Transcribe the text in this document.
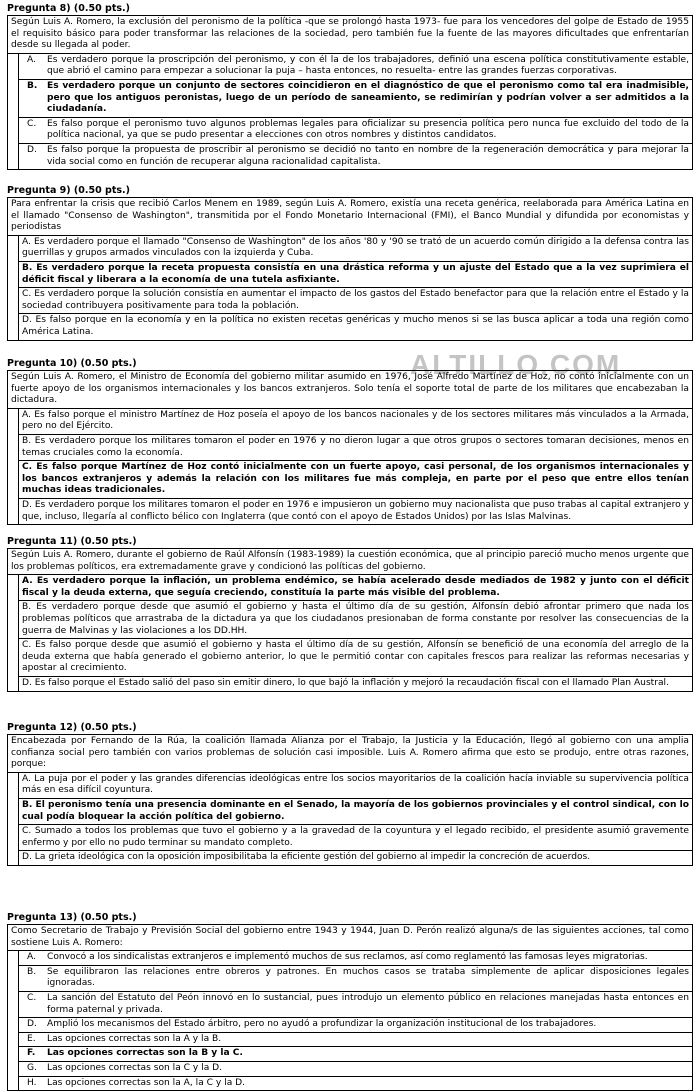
ALTILLO.COM
Pregunta 8) (0.50 pts.)
Según Luis A. Romero, la exclusión del peronismo de la política -que se prolongó hasta 1973- fue para los vencedores del golpe de Estado de 1955 el requisito básico para poder transformar las relaciones de la sociedad, pero también fue la fuente de las mayores dificultades que enfrentarían desde su llegada al poder.
A.	Es verdadero porque la proscripción del peronismo, y con él la de los trabajadores, definió una escena política constitutivamente estable, que abrió el camino para empezar a solucionar la puja – hasta entonces, no resuelta- entre las grandes fuerzas corporativas.
B.	Es verdadero porque un conjunto de sectores coincidieron en el diagnóstico de que el peronismo como tal era inadmisible, pero que los antiguos peronistas, luego de un período de saneamiento, se redimirían y podrían volver a ser admitidos a la ciudadanía.
C.	Es falso porque el peronismo tuvo algunos problemas legales para oficializar su presencia política pero nunca fue excluido del todo de la política nacional, ya que se pudo presentar a elecciones con otros nombres y distintos candidatos.
D.	Es falso porque la propuesta de proscribir al peronismo se decidió no tanto en nombre de la regeneración democrática y para mejorar la vida social como en función de recuperar alguna racionalidad capitalista.
Pregunta 9) (0.50 pts.)
Para enfrentar la crisis que recibió Carlos Menem en 1989, según Luis A. Romero, existía una receta genérica, reelaborada para América Latina en el llamado "Consenso de Washington", transmitida por el Fondo Monetario Internacional (FMI), el Banco Mundial y difundida por economistas y periodistas
A. Es verdadero porque el llamado "Consenso de Washington" de los años '80 y '90 se trató de un acuerdo común dirigido a la defensa contra las guerrillas y grupos armados vinculados con la izquierda y Cuba.
B. Es verdadero porque la receta propuesta consistía en una drástica reforma y un ajuste del Estado que a la vez suprimiera el déficit fiscal y liberara a la economía de una tutela asfixiante.
C. Es verdadero porque la solución consistía en aumentar el impacto de los gastos del Estado benefactor para que la relación entre el Estado y la sociedad contribuyera positivamente para toda la población.
D. Es falso porque en la economía y en la política no existen recetas genéricas y mucho menos si se las busca aplicar a toda una región como América Latina.
Pregunta 10) (0.50 pts.)
Según Luis A. Romero, el Ministro de Economía del gobierno militar asumido en 1976, José Alfredo Martínez de Hoz, no contó inicialmente con un fuerte apoyo de los organismos internacionales y los bancos extranjeros. Solo tenía el soporte total de parte de los militares que encabezaban la dictadura.
A. Es falso porque el ministro Martínez de Hoz poseía el apoyo de los bancos nacionales y de los sectores militares más vinculados a la Armada, pero no del Ejército.
B. Es verdadero porque los militares tomaron el poder en 1976 y no dieron lugar a que otros grupos o sectores tomaran decisiones, menos en temas cruciales como la economía.
C. Es falso porque Martínez de Hoz contó inicialmente con un fuerte apoyo, casi personal, de los organismos internacionales y los bancos extranjeros y además la relación con los militares fue más compleja, en parte por el peso que entre ellos tenían muchas ideas tradicionales.
D. Es verdadero porque los militares tomaron el poder en 1976 e impusieron un gobierno muy nacionalista que puso trabas al capital extranjero y que, incluso, llegaría al conflicto bélico con Inglaterra (que contó con el apoyo de Estados Unidos) por las Islas Malvinas.
Pregunta 11) (0.50 pts.)
Según Luis A. Romero, durante el gobierno de Raúl Alfonsín (1983-1989) la cuestión económica, que al principio pareció mucho menos urgente que los problemas políticos, era extremadamente grave y condicionó las políticas del gobierno.
A. Es verdadero porque la inflación, un problema endémico, se había acelerado desde mediados de 1982 y junto con el déficit fiscal y la deuda externa, que seguía creciendo, constituía la parte más visible del problema.
B. Es verdadero porque desde que asumió el gobierno y hasta el último día de su gestión, Alfonsín debió afrontar primero que nada los problemas políticos que arrastraba de la dictadura ya que los ciudadanos presionaban de forma constante por resolver las consecuencias de la guerra de Malvinas y las violaciones a los DD.HH.
C. Es falso porque desde que asumió el gobierno y hasta el último día de su gestión, Alfonsín se benefició de una economía del arreglo de la deuda externa que había generado el gobierno anterior, lo que le permitió contar con capitales frescos para realizar las reformas necesarias y apostar al crecimiento.
D. Es falso porque el Estado salió del paso sin emitir dinero, lo que bajó la inflación y mejoró la recaudación fiscal con el llamado Plan Austral.
Pregunta 12) (0.50 pts.)
Encabezada por Fernando de la Rúa, la coalición llamada Alianza por el Trabajo, la Justicia y la Educación, llegó al gobierno con una amplia confianza social pero también con varios problemas de solución casi imposible. Luis A. Romero afirma que esto se produjo, entre otras razones, porque:
A. La puja por el poder y las grandes diferencias ideológicas entre los socios mayoritarios de la coalición hacía inviable su supervivencia política más en esa difícil coyuntura.
B. El peronismo tenía una presencia dominante en el Senado, la mayoría de los gobiernos provinciales y el control sindical, con lo cual podía bloquear la acción política del gobierno.
C. Sumado a todos los problemas que tuvo el gobierno y a la gravedad de la coyuntura y el legado recibido, el presidente asumió gravemente enfermo y por ello no pudo terminar su mandato completo.
D. La grieta ideológica con la oposición imposibilitaba la eficiente gestión del gobierno al impedir la concreción de acuerdos.
Pregunta 13) (0.50 pts.)
Como Secretario de Trabajo y Previsión Social del gobierno entre 1943 y 1944, Juan D. Perón realizó alguna/s de las siguientes acciones, tal como sostiene Luis A. Romero:
A.	Convocó a los sindicalistas extranjeros e implementó muchos de sus reclamos, así como reglamentó las famosas leyes migratorias.
B.	Se equilibraron las relaciones entre obreros y patrones. En muchos casos se trataba simplemente de aplicar disposiciones legales ignoradas.
C.	La sanción del Estatuto del Peón innovó en lo sustancial, pues introdujo un elemento público en relaciones manejadas hasta entonces en forma paternal y privada.
D.	Amplió los mecanismos del Estado árbitro, pero no ayudó a profundizar la organización institucional de los trabajadores.
E.	Las opciones correctas son la A y la B.
F.	Las opciones correctas son la B y la C.
G.	Las opciones correctas son la C y la D.
H.	Las opciones correctas son la A, la C y la D.
